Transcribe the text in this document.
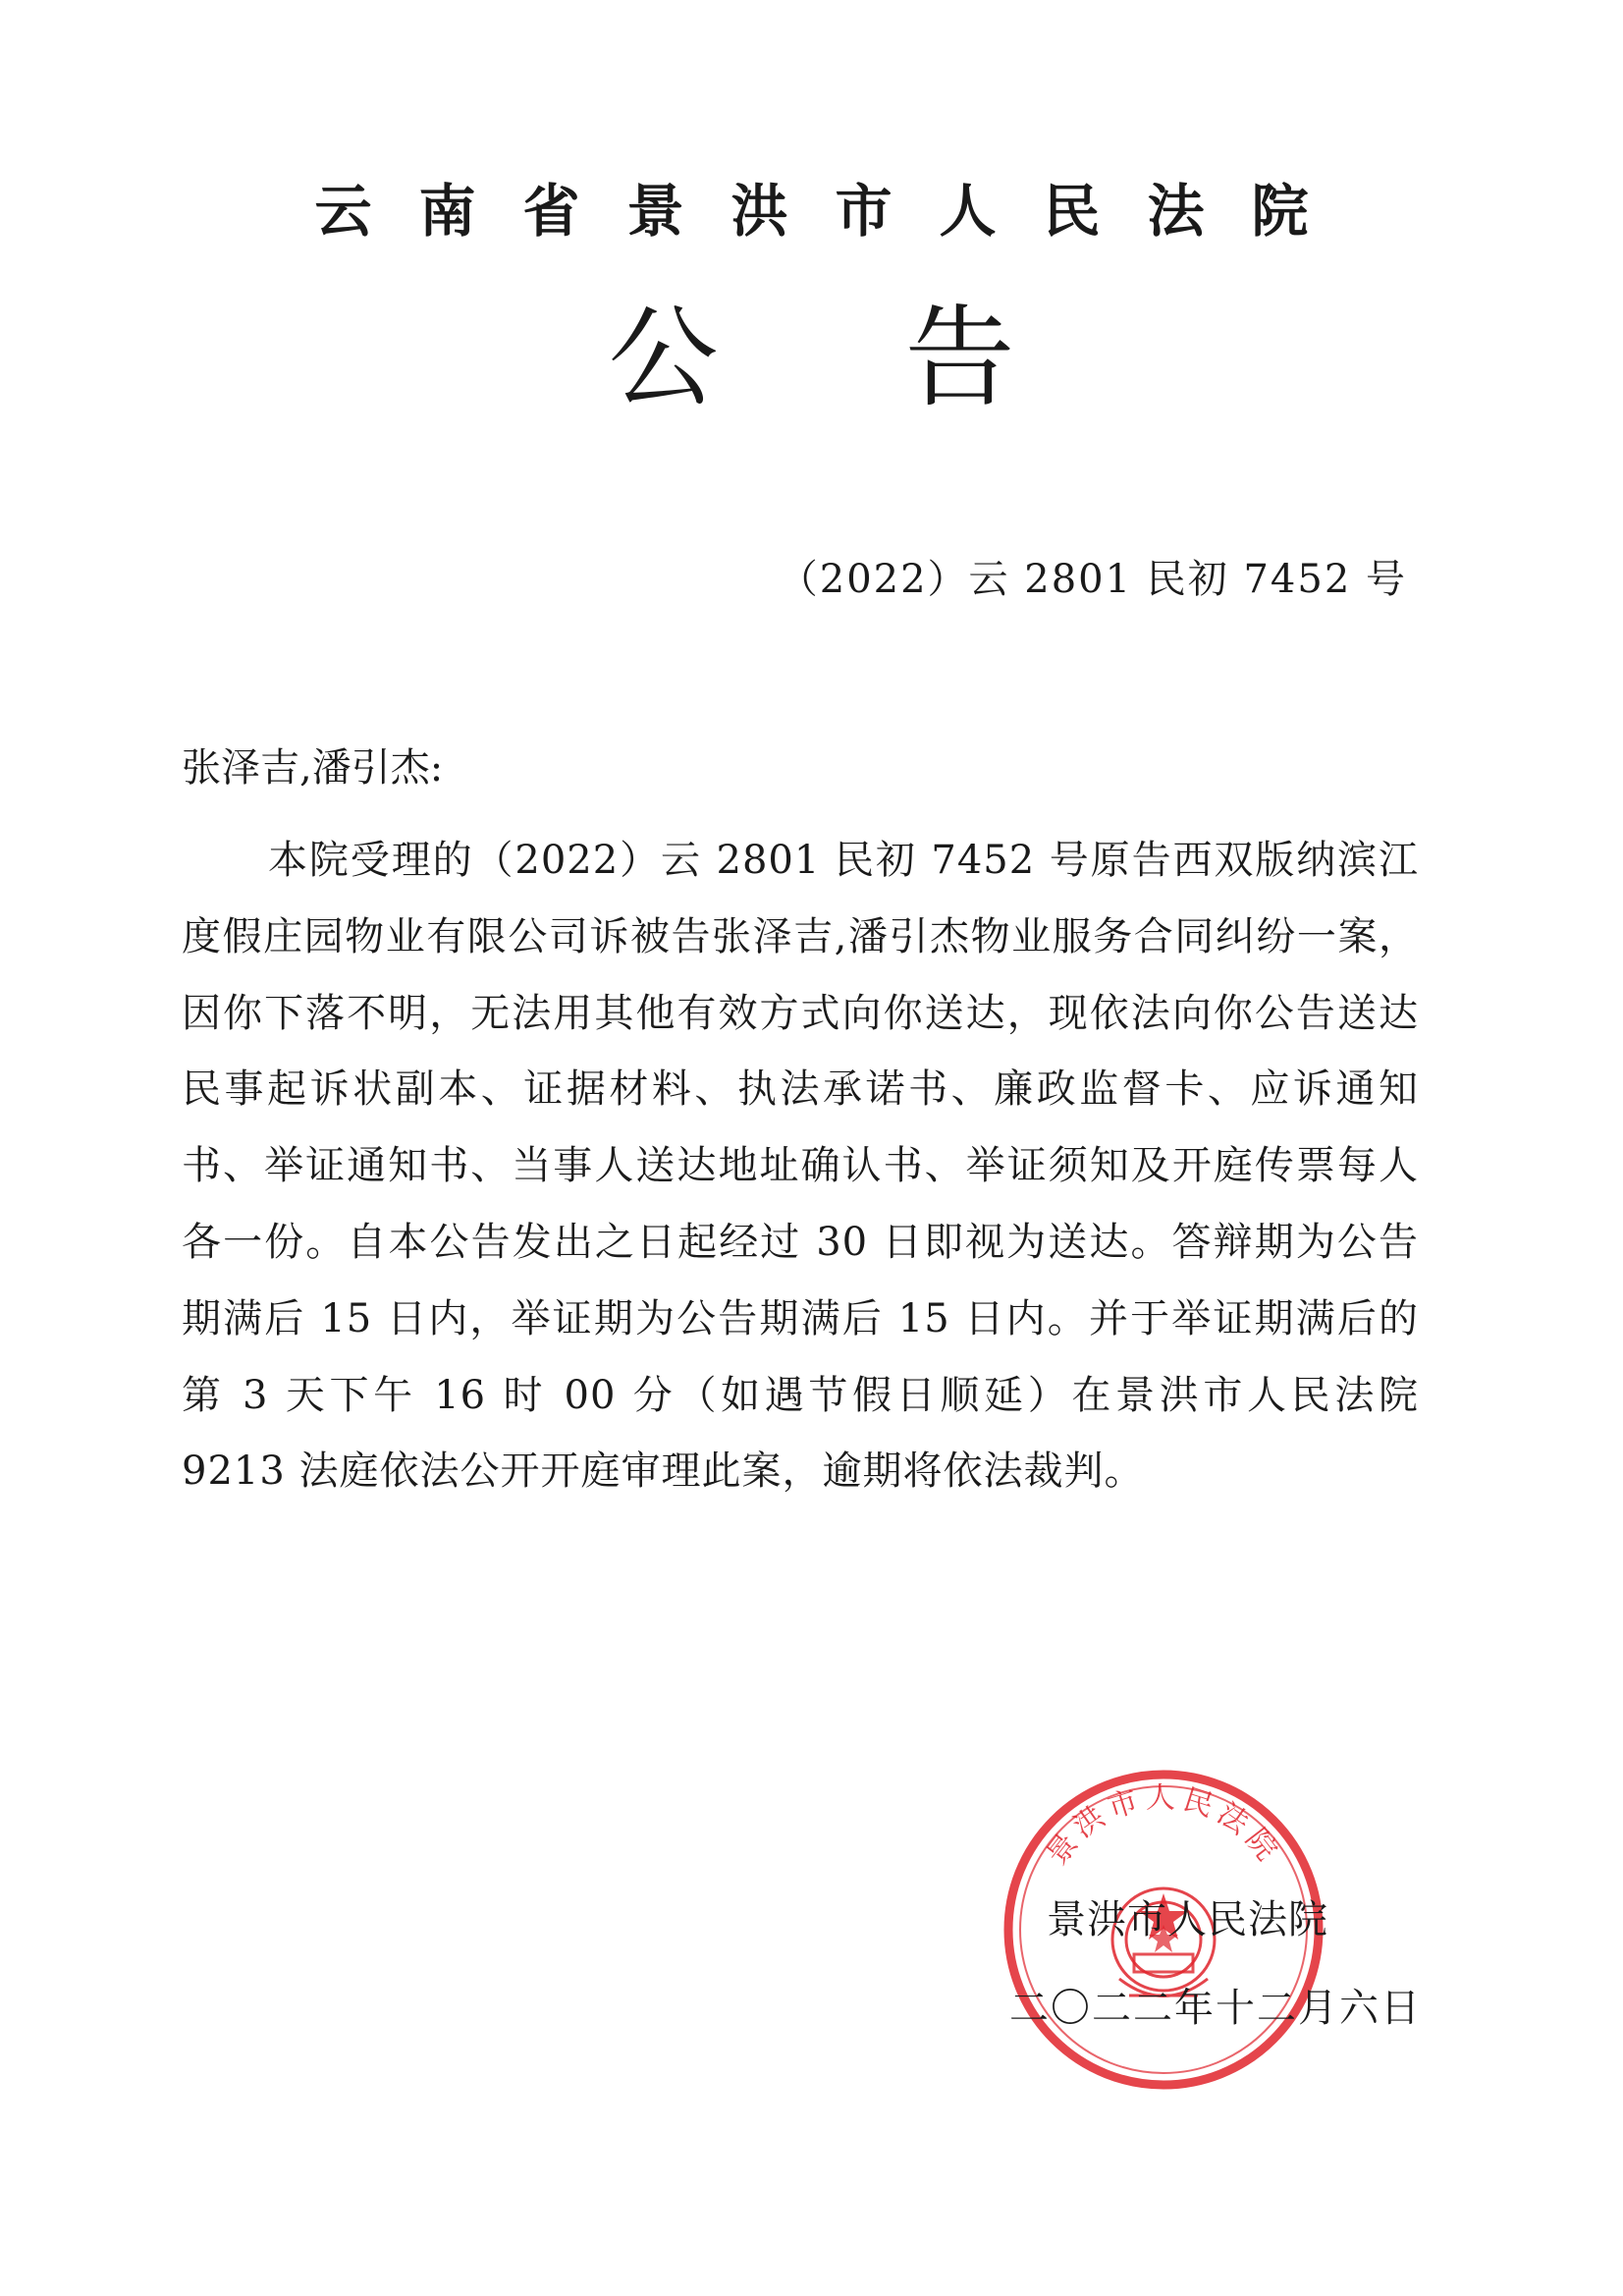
云南省景洪市人民法院
公告
（2022）云 2801 民初 7452 号
张泽吉,潘引杰:
本院受理的（2022）云 2801 民初 7452 号原告西双版纳滨江度假庄园物业有限公司诉被告张泽吉,潘引杰物业服务合同纠纷一案，因你下落不明，无法用其他有效方式向你送达，现依法向你公告送达民事起诉状副本、证据材料、执法承诺书、廉政监督卡、应诉通知书、举证通知书、当事人送达地址确认书、举证须知及开庭传票每人各一份。自本公告发出之日起经过 30 日即视为送达。答辩期为公告期满后 15 日内，举证期为公告期满后 15 日内。并于举证期满后的第 3 天下午 16 时 00 分（如遇节假日顺延）在景洪市人民法院 9213 法庭依法公开开庭审理此案，逾期将依法裁判。
景洪市人民法院
景洪市人民法院
二〇二二年十二月六日
